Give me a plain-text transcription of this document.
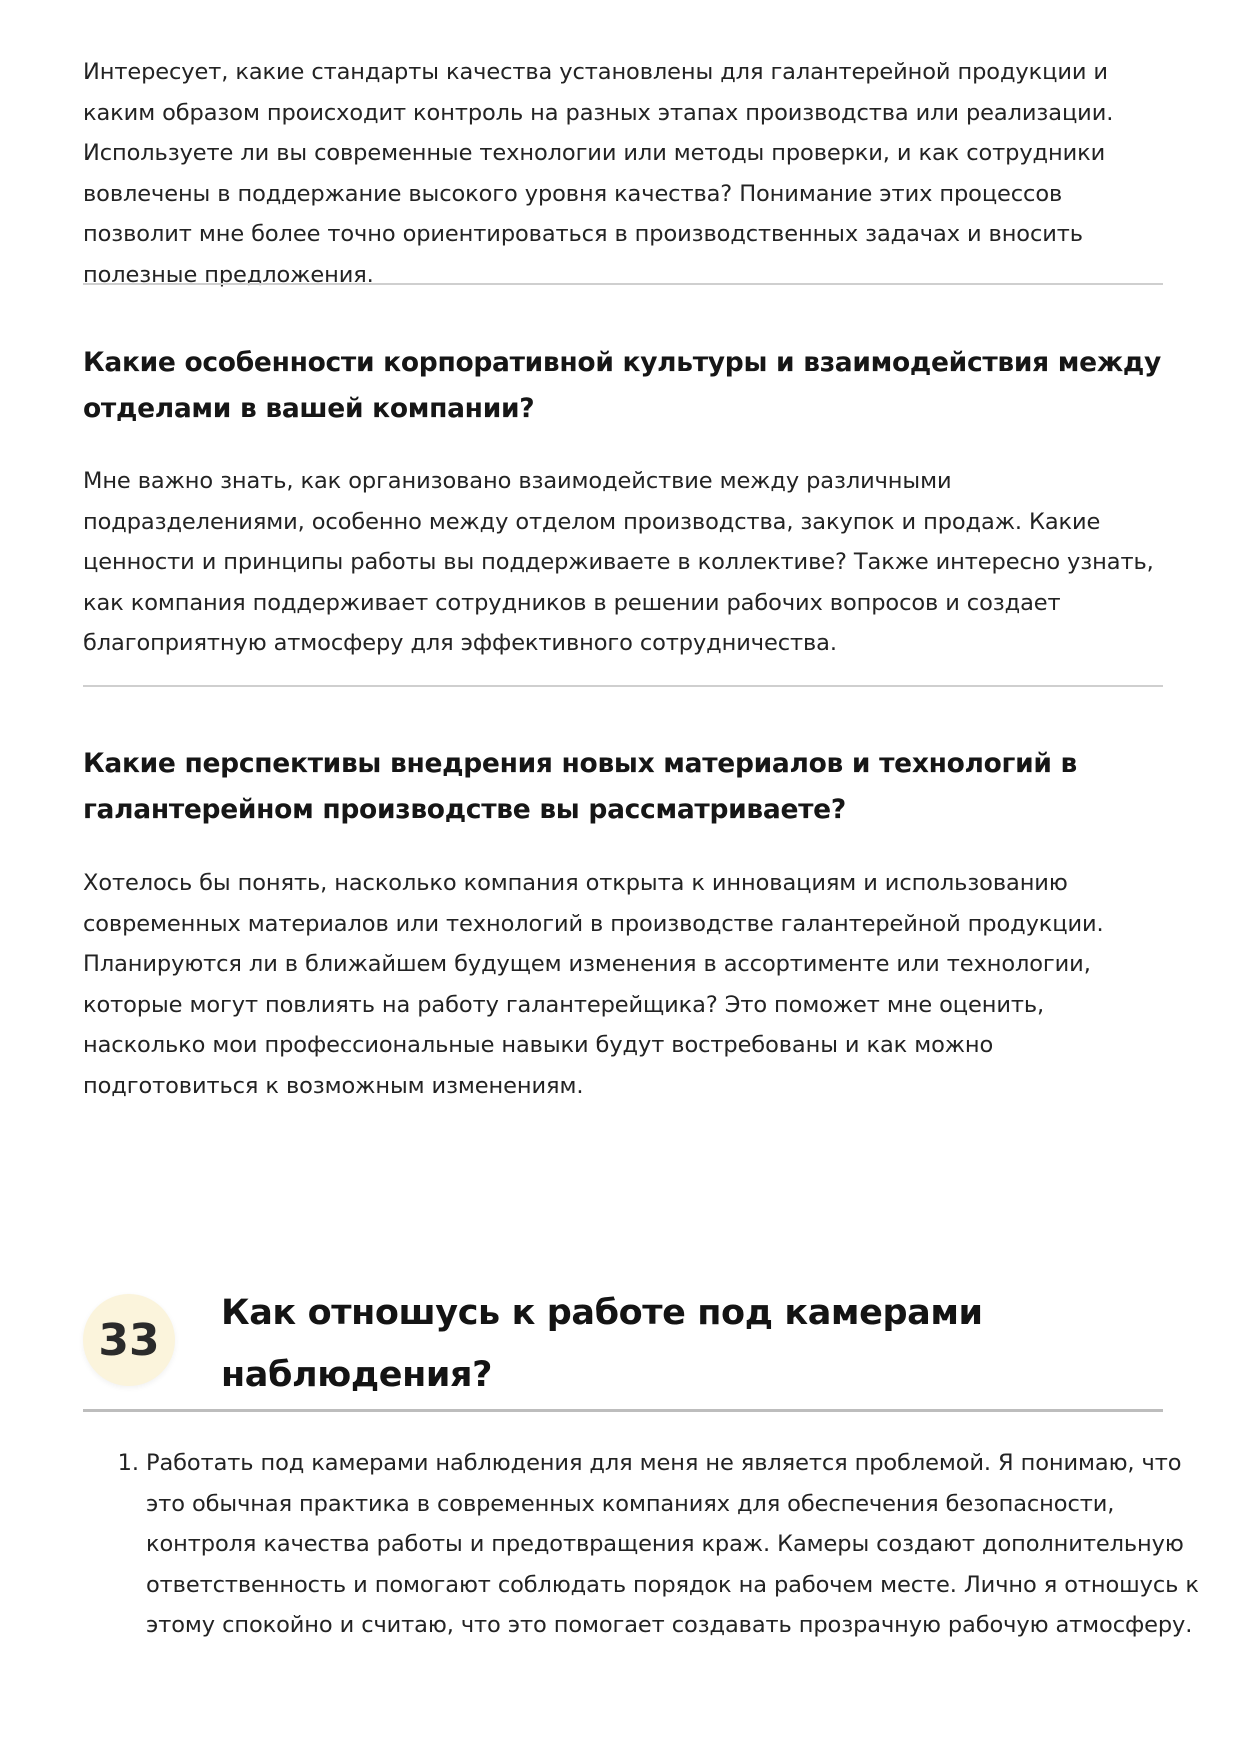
Интересует, какие стандарты качества установлены для галантерейной продукции и каким образом происходит контроль на разных этапах производства или реализации. Используете ли вы современные технологии или методы проверки, и как сотрудники вовлечены в поддержание высокого уровня качества? Понимание этих процессов позволит мне более точно ориентироваться в производственных задачах и вносить полезные предложения.

Какие особенности корпоративной культуры и взаимодействия между отделами в вашей компании?

Мне важно знать, как организовано взаимодействие между различными подразделениями, особенно между отделом производства, закупок и продаж. Какие ценности и принципы работы вы поддерживаете в коллективе? Также интересно узнать, как компания поддерживает сотрудников в решении рабочих вопросов и создает благоприятную атмосферу для эффективного сотрудничества.

Какие перспективы внедрения новых материалов и технологий в галантерейном производстве вы рассматриваете?

Хотелось бы понять, насколько компания открыта к инновациям и использованию современных материалов или технологий в производстве галантерейной продукции. Планируются ли в ближайшем будущем изменения в ассортименте или технологии, которые могут повлиять на работу галантерейщика? Это поможет мне оценить, насколько мои профессиональные навыки будут востребованы и как можно подготовиться к возможным изменениям.

33
Как отношусь к работе под камерами наблюдения?
1. Работать под камерами наблюдения для меня не является проблемой. Я понимаю, что это обычная практика в современных компаниях для обеспечения безопасности, контроля качества работы и предотвращения краж. Камеры создают дополнительную ответственность и помогают соблюдать порядок на рабочем месте. Лично я отношусь к этому спокойно и считаю, что это помогает создавать прозрачную рабочую атмосферу.
